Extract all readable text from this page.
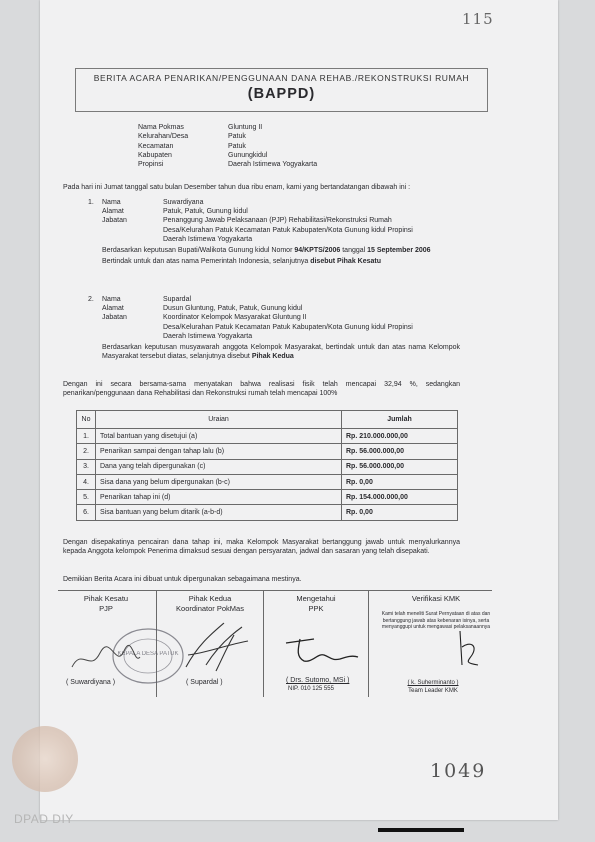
115
BERITA ACARA PENARIKAN/PENGGUNAAN DANA REHAB./REKONSTRUKSI RUMAH
(BAPPD)
Nama Pokmas	Gluntung II
Kelurahan/Desa	Patuk
Kecamatan	Patuk
Kabupaten	Gunungkidul
Propinsi	Daerah Istimewa Yogyakarta
Pada hari ini Jumat tanggal satu bulan Desember tahun dua ribu enam, kami yang bertandatangan dibawah ini :
1.	Nama	Suwardiyana
Alamat	Patuk, Patuk, Gunung kidul
Jabatan	Penanggung Jawab Pelaksanaan (PJP) Rehabilitasi/Rekonstruksi Rumah
Desa/Kelurahan Patuk Kecamatan Patuk Kabupaten/Kota Gunung kidul Propinsi
Daerah Istimewa Yogyakarta
Berdasarkan keputusan Bupati/Walikota Gunung kidul Nomor 94/KPTS/2006 tanggal 15 September 2006
Bertindak untuk dan atas nama Pemerintah Indonesia, selanjutnya disebut Pihak Kesatu
2.	Nama	Supardal
Alamat	Dusun Gluntung, Patuk, Patuk, Gunung kidul
Jabatan	Koordinator Kelompok Masyarakat Gluntung II
Desa/Kelurahan Patuk Kecamatan Patuk Kabupaten/Kota Gunung kidul Propinsi
Daerah Istimewa Yogyakarta
Berdasarkan keputusan musyawarah anggota Kelompok Masyarakat, bertindak untuk dan atas nama Kelompok Masyarakat tersebut diatas, selanjutnya disebut Pihak Kedua
Dengan ini secara bersama-sama menyatakan bahwa realisasi fisik telah mencapai 32,94 %, sedangkan penarikan/penggunaan dana Rehabilitasi dan Rekonstruksi rumah telah mencapai 100%
No	Uraian	Jumlah
1.	Total bantuan yang disetujui (a)	Rp. 210.000.000,00
2.	Penarikan sampai dengan tahap lalu (b)	Rp. 56.000.000,00
3.	Dana yang telah dipergunakan (c)	Rp. 56.000.000,00
4.	Sisa dana yang belum dipergunakan (b-c)	Rp. 0,00
5.	Penarikan tahap ini (d)	Rp. 154.000.000,00
6.	Sisa bantuan yang belum ditarik (a-b-d)	Rp. 0,00
Dengan disepakatinya pencairan dana tahap ini, maka Kelompok Masyarakat bertanggung jawab untuk menyalurkannya kepada Anggota kelompok Penerima dimaksud sesuai dengan persyaratan, jadwal dan sasaran yang telah disepakati.
Demikian Berita Acara ini dibuat untuk dipergunakan sebagaimana mestinya.
Pihak Kesatu
PJP
Pihak Kedua
Koordinator PokMas
Mengetahui
PPK
Verifikasi KMK
Kami telah meneliti Surat Pernyataan di atas dan bertanggung jawab atas kebenaran isinya, serta menyanggupi untuk mengawasi pelaksanaannya
KEPALA DESA PATUK
( Suwardiyana )	( Supardal )	( Drs. Sutomo, MSi )
NIP. 010 125 555
( k. Suherminanto )
Team Leader KMK
1049
DPAD DIY
